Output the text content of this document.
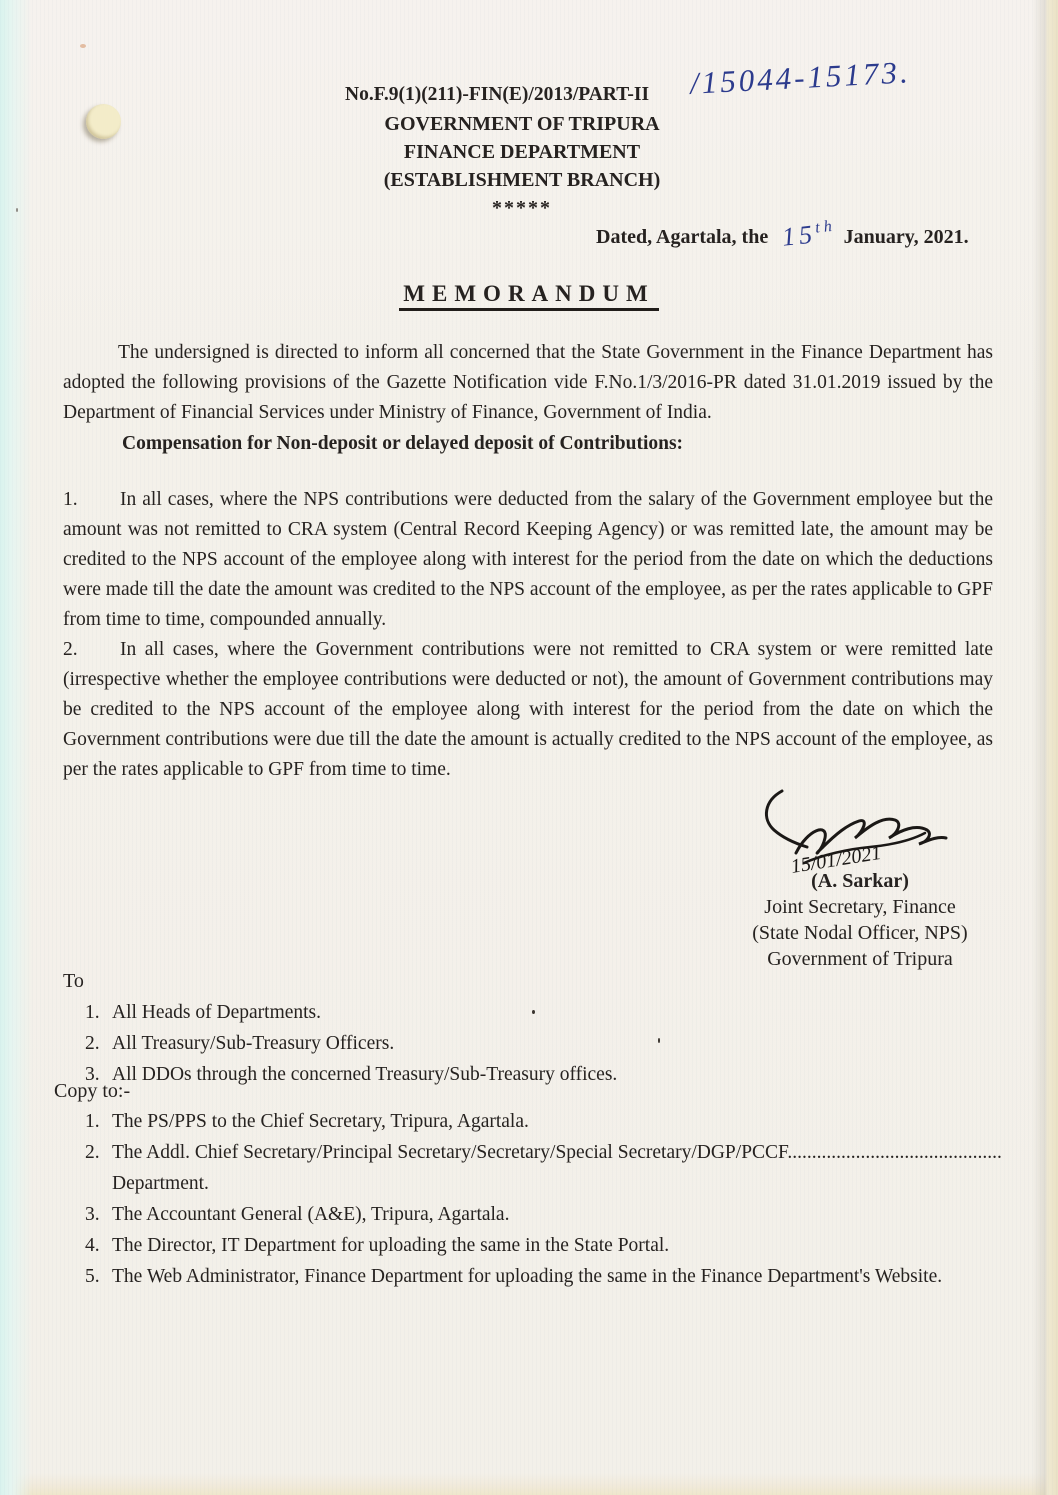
No.F.9(1)(211)-FIN(E)/2013/PART-II /15044-15173.
GOVERNMENT OF TRIPURA
FINANCE DEPARTMENT
(ESTABLISHMENT BRANCH)
*****
Dated, Agartala, the 15th January, 2021.
MEMORANDUM
The undersigned is directed to inform all concerned that the State Government in the Finance Department has adopted the following provisions of the Gazette Notification vide F.No.1/3/2016-PR dated 31.01.2019 issued by the Department of Financial Services under Ministry of Finance, Government of India.
Compensation for Non-deposit or delayed deposit of Contributions:
1.	In all cases, where the NPS contributions were deducted from the salary of the Government employee but the amount was not remitted to CRA system (Central Record Keeping Agency) or was remitted late, the amount may be credited to the NPS account of the employee along with interest for the period from the date on which the deductions were made till the date the amount was credited to the NPS account of the employee, as per the rates applicable to GPF from time to time, compounded annually.
2.	In all cases, where the Government contributions were not remitted to CRA system or were remitted late (irrespective whether the employee contributions were deducted or not), the amount of Government contributions may be credited to the NPS account of the employee along with interest for the period from the date on which the Government contributions were due till the date the amount is actually credited to the NPS account of the employee, as per the rates applicable to GPF from time to time.
15/01/2021
(A. Sarkar)
Joint Secretary, Finance
(State Nodal Officer, NPS)
Government of Tripura
To
1. All Heads of Departments.
2. All Treasury/Sub-Treasury Officers.
3. All DDOs through the concerned Treasury/Sub-Treasury offices.
Copy to:-
1. The PS/PPS to the Chief Secretary, Tripura, Agartala.
2. The Addl. Chief Secretary/Principal Secretary/Secretary/Special Secretary/DGP/PCCF............................................
Department.
3. The Accountant General (A&E), Tripura, Agartala.
4. The Director, IT Department for uploading the same in the State Portal.
5. The Web Administrator, Finance Department for uploading the same in the Finance Department's Website.
